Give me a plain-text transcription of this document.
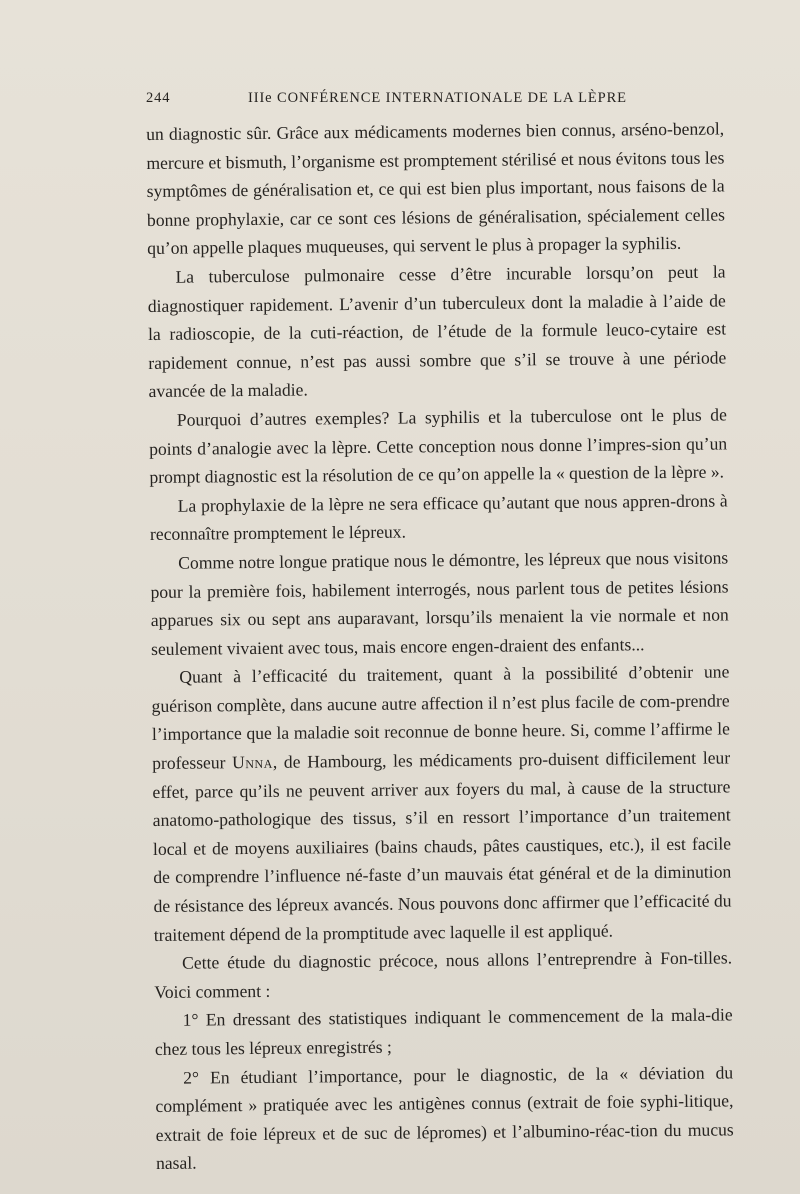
244	IIIe CONFÉRENCE INTERNATIONALE DE LA LÈPRE

un diagnostic sûr. Grâce aux médicaments modernes bien connus, arséno-benzol, mercure et bismuth, l’organisme est promptement stérilisé et nous évitons tous les symptômes de généralisation et, ce qui est bien plus important, nous faisons de la bonne prophylaxie, car ce sont ces lésions de généralisation, spécialement celles qu’on appelle plaques muqueuses, qui servent le plus à propager la syphilis.

La tuberculose pulmonaire cesse d’être incurable lorsqu’on peut la diagnostiquer rapidement. L’avenir d’un tuberculeux dont la maladie à l’aide de la radioscopie, de la cuti-réaction, de l’étude de la formule leuco-cytaire est rapidement connue, n’est pas aussi sombre que s’il se trouve à une période avancée de la maladie.

Pourquoi d’autres exemples? La syphilis et la tuberculose ont le plus de points d’analogie avec la lèpre. Cette conception nous donne l’impres-sion qu’un prompt diagnostic est la résolution de ce qu’on appelle la « question de la lèpre ».

La prophylaxie de la lèpre ne sera efficace qu’autant que nous appren-drons à reconnaître promptement le lépreux.

Comme notre longue pratique nous le démontre, les lépreux que nous visitons pour la première fois, habilement interrogés, nous parlent tous de petites lésions apparues six ou sept ans auparavant, lorsqu’ils menaient la vie normale et non seulement vivaient avec tous, mais encore engen-draient des enfants...

Quant à l’efficacité du traitement, quant à la possibilité d’obtenir une guérison complète, dans aucune autre affection il n’est plus facile de com-prendre l’importance que la maladie soit reconnue de bonne heure. Si, comme l’affirme le professeur Unna, de Hambourg, les médicaments pro-duisent difficilement leur effet, parce qu’ils ne peuvent arriver aux foyers du mal, à cause de la structure anatomo-pathologique des tissus, s’il en ressort l’importance d’un traitement local et de moyens auxiliaires (bains chauds, pâtes caustiques, etc.), il est facile de comprendre l’influence né-faste d’un mauvais état général et de la diminution de résistance des lépreux avancés. Nous pouvons donc affirmer que l’efficacité du traitement dépend de la promptitude avec laquelle il est appliqué.

Cette étude du diagnostic précoce, nous allons l’entreprendre à Fon-tilles. Voici comment :

1° En dressant des statistiques indiquant le commencement de la mala-die chez tous les lépreux enregistrés ;

2° En étudiant l’importance, pour le diagnostic, de la « déviation du complément » pratiquée avec les antigènes connus (extrait de foie syphi-litique, extrait de foie lépreux et de suc de lépromes) et l’albumino-réac-tion du mucus nasal.
